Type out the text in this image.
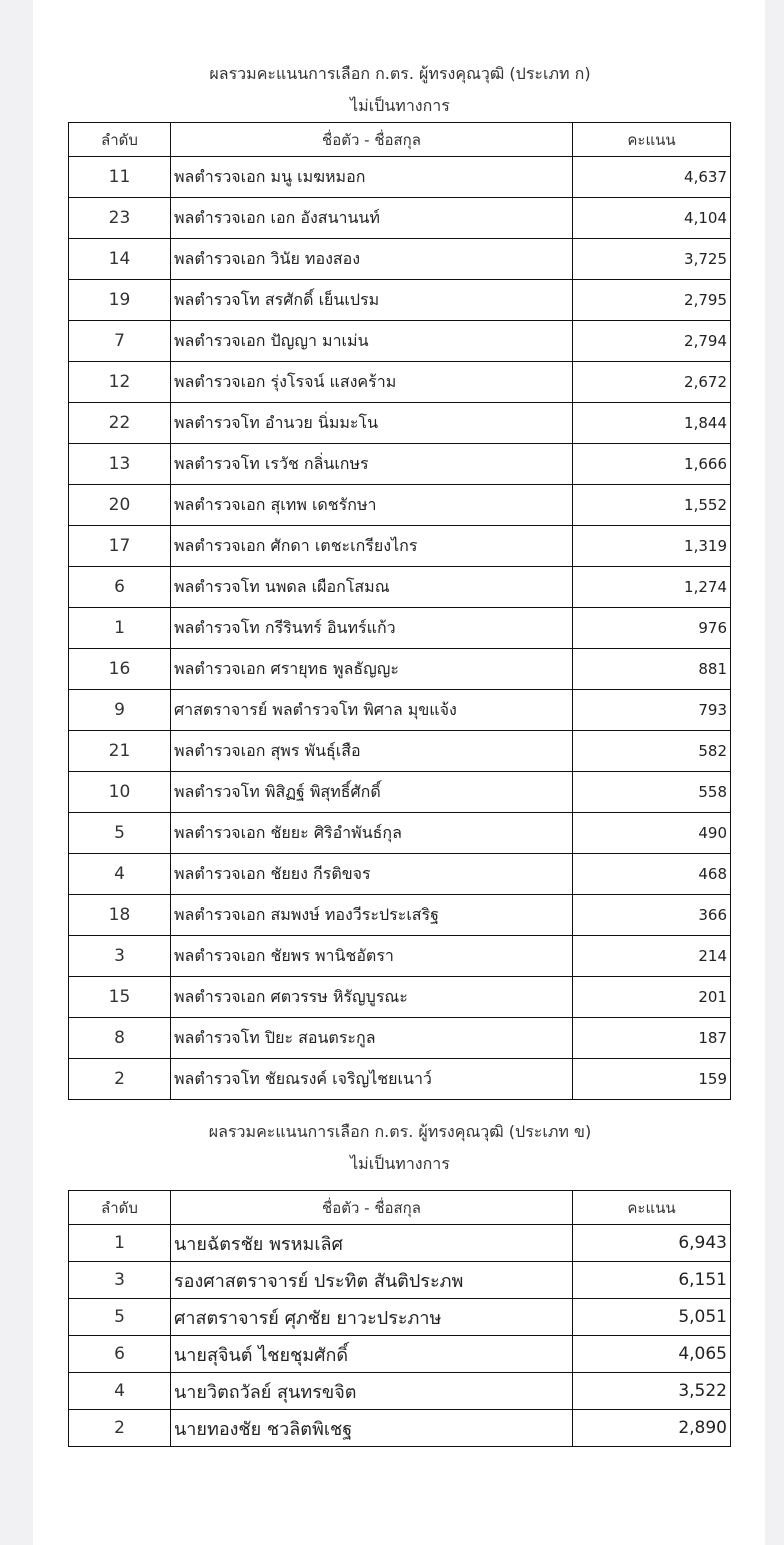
ผลรวมคะแนนการเลือก ก.ตร. ผู้ทรงคุณวุฒิ (ประเภท ก)
ไม่เป็นทางการ
ลำดับ	ชื่อตัว - ชื่อสกุล	คะแนน
11	พลตำรวจเอก มนู เมฆหมอก	4,637
23	พลตำรวจเอก เอก อังสนานนท์	4,104
14	พลตำรวจเอก วินัย ทองสอง	3,725
19	พลตำรวจโท สรศักดิ์ เย็นเปรม	2,795
7	พลตำรวจเอก ปัญญา มาเม่น	2,794
12	พลตำรวจเอก รุ่งโรจน์ แสงคร้าม	2,672
22	พลตำรวจโท อำนวย นิ่มมะโน	1,844
13	พลตำรวจโท เรวัช กลิ่นเกษร	1,666
20	พลตำรวจเอก สุเทพ เดชรักษา	1,552
17	พลตำรวจเอก ศักดา เตชะเกรียงไกร	1,319
6	พลตำรวจโท นพดล เผือกโสมณ	1,274
1	พลตำรวจโท กรีรินทร์ อินทร์แก้ว	976
16	พลตำรวจเอก ศรายุทธ พูลธัญญะ	881
9	ศาสตราจารย์ พลตำรวจโท พิศาล มุขแจ้ง	793
21	พลตำรวจเอก สุพร พันธุ์เสือ	582
10	พลตำรวจโท พิสิฏฐ์ พิสุทธิ์ศักดิ์	558
5	พลตำรวจเอก ชัยยะ ศิริอำพันธ์กุล	490
4	พลตำรวจเอก ชัยยง กีรติขจร	468
18	พลตำรวจเอก สมพงษ์ ทองวีระประเสริฐ	366
3	พลตำรวจเอก ชัยพร พานิชอัตรา	214
15	พลตำรวจเอก ศตวรรษ หิรัญบูรณะ	201
8	พลตำรวจโท ปิยะ สอนตระกูล	187
2	พลตำรวจโท ชัยณรงค์ เจริญไชยเนาว์	159
ผลรวมคะแนนการเลือก ก.ตร. ผู้ทรงคุณวุฒิ (ประเภท ข)
ไม่เป็นทางการ
ลำดับ	ชื่อตัว - ชื่อสกุล	คะแนน
1	นายฉัตรชัย พรหมเลิศ	6,943
3	รองศาสตราจารย์ ประทิต สันติประภพ	6,151
5	ศาสตราจารย์ ศุภชัย ยาวะประภาษ	5,051
6	นายสุจินต์ ไชยชุมศักดิ์	4,065
4	นายวิตถวัลย์ สุนทรขจิต	3,522
2	นายทองชัย ชวลิตพิเชฐ	2,890
